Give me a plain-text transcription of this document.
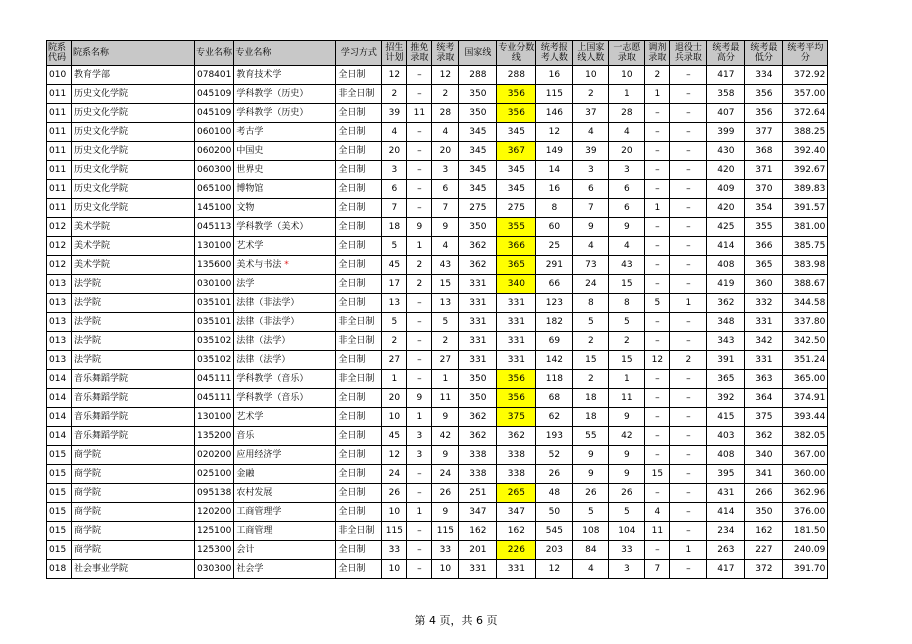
院系代码	院系名称	专业名称	专业名称	学习方式	招生计划	推免录取	统考录取	国家线	专业分数线	统考报考人数	上国家线人数	一志愿录取	调剂录取	退役士兵录取	统考最高分	统考最低分	统考平均分
010	教育学部	078401	教育技术学	全日制	12	–	12	288	288	16	10	10	2	–	417	334	372.92
011	历史文化学院	045109	学科教学（历史）	非全日制	2	–	2	350	356	115	2	1	1	–	358	356	357.00
011	历史文化学院	045109	学科教学（历史）	全日制	39	11	28	350	356	146	37	28	–	–	407	356	372.64
011	历史文化学院	060100	考古学	全日制	4	–	4	345	345	12	4	4	–	–	399	377	388.25
011	历史文化学院	060200	中国史	全日制	20	–	20	345	367	149	39	20	–	–	430	368	392.40
011	历史文化学院	060300	世界史	全日制	3	–	3	345	345	14	3	3	–	–	420	371	392.67
011	历史文化学院	065100	博物馆	全日制	6	–	6	345	345	16	6	6	–	–	409	370	389.83
011	历史文化学院	145100	文物	全日制	7	–	7	275	275	8	7	6	1	–	420	354	391.57
012	美术学院	045113	学科教学（美术）	全日制	18	9	9	350	355	60	9	9	–	–	425	355	381.00
012	美术学院	130100	艺术学	全日制	5	1	4	362	366	25	4	4	–	–	414	366	385.75
012	美术学院	135600	美术与书法 *	全日制	45	2	43	362	365	291	73	43	–	–	408	365	383.98
013	法学院	030100	法学	全日制	17	2	15	331	340	66	24	15	–	–	419	360	388.67
013	法学院	035101	法律（非法学）	全日制	13	–	13	331	331	123	8	8	5	1	362	332	344.58
013	法学院	035101	法律（非法学）	非全日制	5	–	5	331	331	182	5	5	–	–	348	331	337.80
013	法学院	035102	法律（法学）	非全日制	2	–	2	331	331	69	2	2	–	–	343	342	342.50
013	法学院	035102	法律（法学）	全日制	27	–	27	331	331	142	15	15	12	2	391	331	351.24
014	音乐舞蹈学院	045111	学科教学（音乐）	非全日制	1	–	1	350	356	118	2	1	–	–	365	363	365.00
014	音乐舞蹈学院	045111	学科教学（音乐）	全日制	20	9	11	350	356	68	18	11	–	–	392	364	374.91
014	音乐舞蹈学院	130100	艺术学	全日制	10	1	9	362	375	62	18	9	–	–	415	375	393.44
014	音乐舞蹈学院	135200	音乐	全日制	45	3	42	362	362	193	55	42	–	–	403	362	382.05
015	商学院	020200	应用经济学	全日制	12	3	9	338	338	52	9	9	–	–	408	340	367.00
015	商学院	025100	金融	全日制	24	–	24	338	338	26	9	9	15	–	395	341	360.00
015	商学院	095138	农村发展	全日制	26	–	26	251	265	48	26	26	–	–	431	266	362.96
015	商学院	120200	工商管理学	全日制	10	1	9	347	347	50	5	5	4	–	414	350	376.00
015	商学院	125100	工商管理	非全日制	115	–	115	162	162	545	108	104	11	–	234	162	181.50
015	商学院	125300	会计	全日制	33	–	33	201	226	203	84	33	–	1	263	227	240.09
018	社会事业学院	030300	社会学	全日制	10	–	10	331	331	12	4	3	7	–	417	372	391.70
第 4 页，共 6 页
